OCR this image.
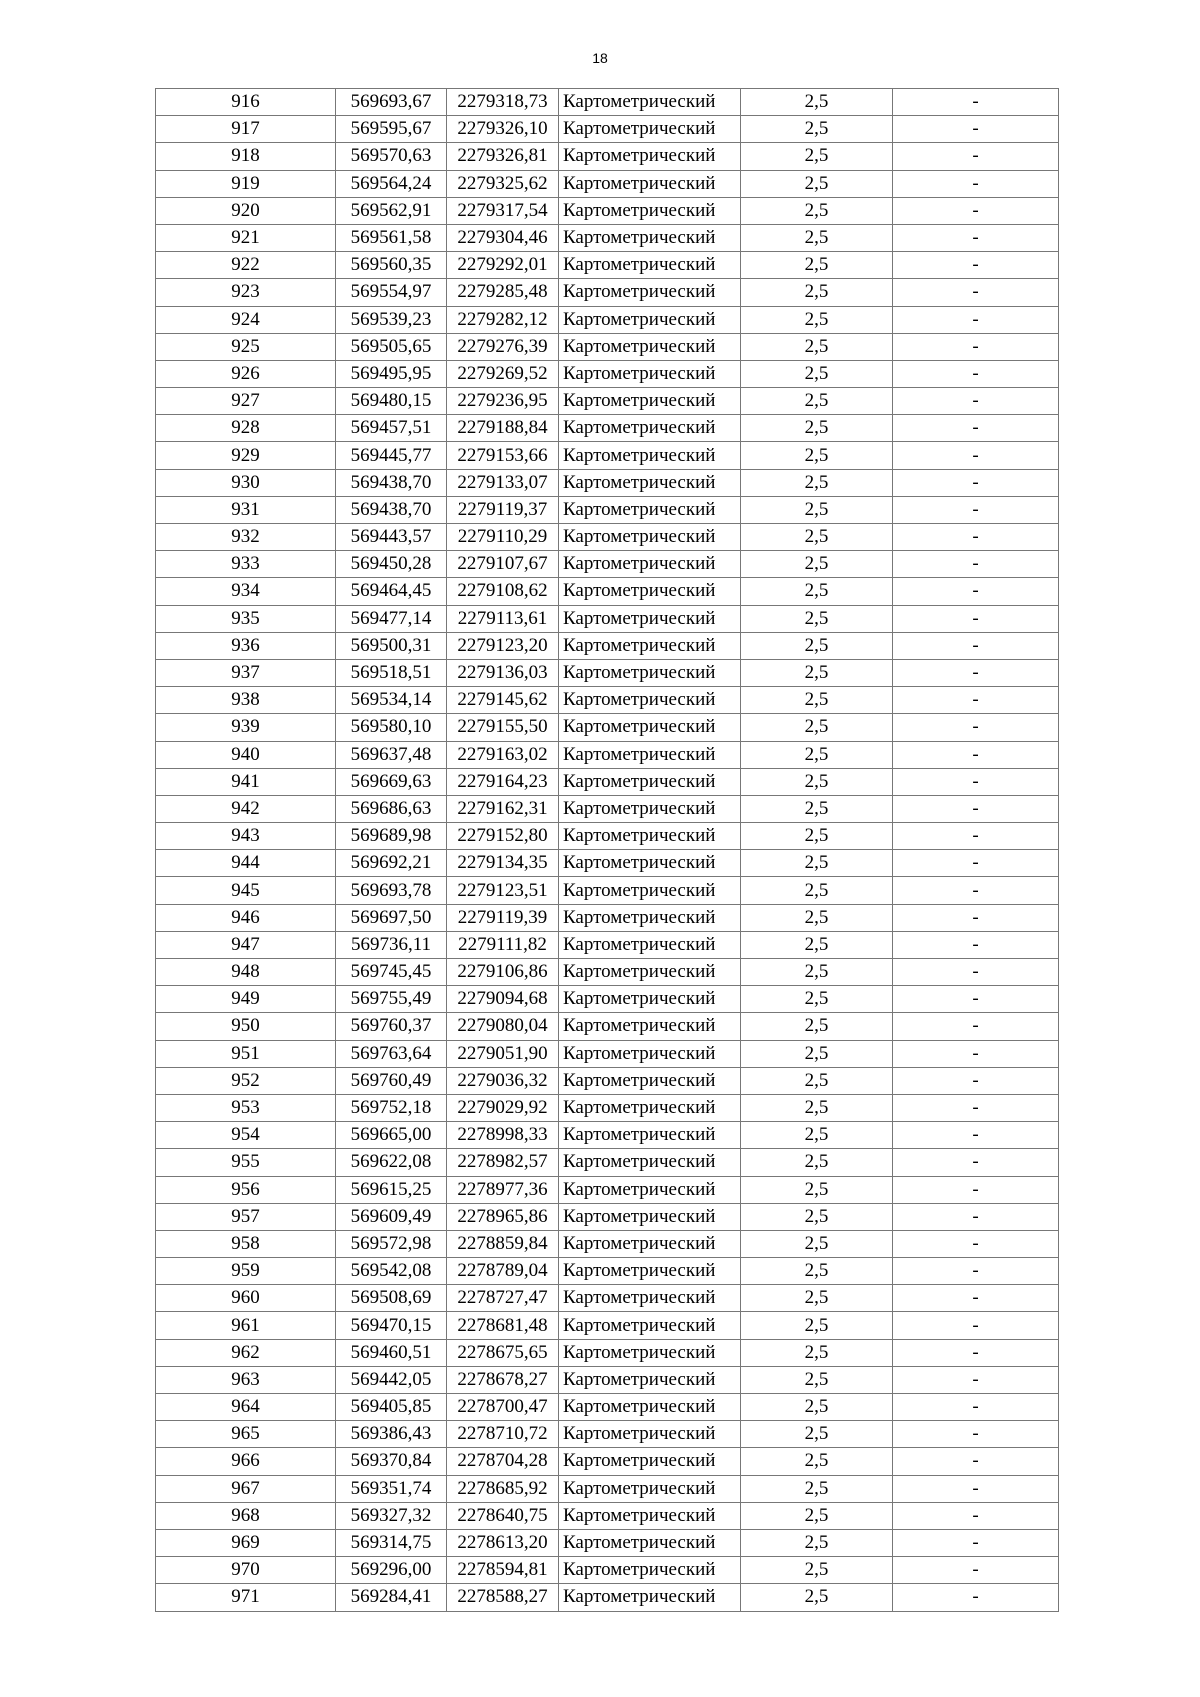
18
916	569693,67	2279318,73	Картометрический	2,5	-
917	569595,67	2279326,10	Картометрический	2,5	-
918	569570,63	2279326,81	Картометрический	2,5	-
919	569564,24	2279325,62	Картометрический	2,5	-
920	569562,91	2279317,54	Картометрический	2,5	-
921	569561,58	2279304,46	Картометрический	2,5	-
922	569560,35	2279292,01	Картометрический	2,5	-
923	569554,97	2279285,48	Картометрический	2,5	-
924	569539,23	2279282,12	Картометрический	2,5	-
925	569505,65	2279276,39	Картометрический	2,5	-
926	569495,95	2279269,52	Картометрический	2,5	-
927	569480,15	2279236,95	Картометрический	2,5	-
928	569457,51	2279188,84	Картометрический	2,5	-
929	569445,77	2279153,66	Картометрический	2,5	-
930	569438,70	2279133,07	Картометрический	2,5	-
931	569438,70	2279119,37	Картометрический	2,5	-
932	569443,57	2279110,29	Картометрический	2,5	-
933	569450,28	2279107,67	Картометрический	2,5	-
934	569464,45	2279108,62	Картометрический	2,5	-
935	569477,14	2279113,61	Картометрический	2,5	-
936	569500,31	2279123,20	Картометрический	2,5	-
937	569518,51	2279136,03	Картометрический	2,5	-
938	569534,14	2279145,62	Картометрический	2,5	-
939	569580,10	2279155,50	Картометрический	2,5	-
940	569637,48	2279163,02	Картометрический	2,5	-
941	569669,63	2279164,23	Картометрический	2,5	-
942	569686,63	2279162,31	Картометрический	2,5	-
943	569689,98	2279152,80	Картометрический	2,5	-
944	569692,21	2279134,35	Картометрический	2,5	-
945	569693,78	2279123,51	Картометрический	2,5	-
946	569697,50	2279119,39	Картометрический	2,5	-
947	569736,11	2279111,82	Картометрический	2,5	-
948	569745,45	2279106,86	Картометрический	2,5	-
949	569755,49	2279094,68	Картометрический	2,5	-
950	569760,37	2279080,04	Картометрический	2,5	-
951	569763,64	2279051,90	Картометрический	2,5	-
952	569760,49	2279036,32	Картометрический	2,5	-
953	569752,18	2279029,92	Картометрический	2,5	-
954	569665,00	2278998,33	Картометрический	2,5	-
955	569622,08	2278982,57	Картометрический	2,5	-
956	569615,25	2278977,36	Картометрический	2,5	-
957	569609,49	2278965,86	Картометрический	2,5	-
958	569572,98	2278859,84	Картометрический	2,5	-
959	569542,08	2278789,04	Картометрический	2,5	-
960	569508,69	2278727,47	Картометрический	2,5	-
961	569470,15	2278681,48	Картометрический	2,5	-
962	569460,51	2278675,65	Картометрический	2,5	-
963	569442,05	2278678,27	Картометрический	2,5	-
964	569405,85	2278700,47	Картометрический	2,5	-
965	569386,43	2278710,72	Картометрический	2,5	-
966	569370,84	2278704,28	Картометрический	2,5	-
967	569351,74	2278685,92	Картометрический	2,5	-
968	569327,32	2278640,75	Картометрический	2,5	-
969	569314,75	2278613,20	Картометрический	2,5	-
970	569296,00	2278594,81	Картометрический	2,5	-
971	569284,41	2278588,27	Картометрический	2,5	-
